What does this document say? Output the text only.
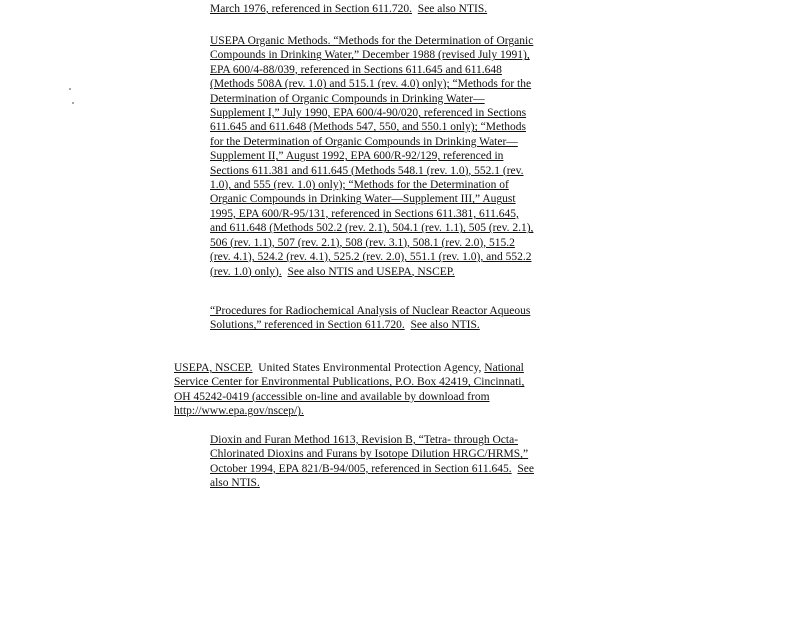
March 1976, referenced in Section 611.720. See also NTIS.

USEPA Organic Methods. “Methods for the Determination of Organic Compounds in Drinking Water,” December 1988 (revised July 1991), EPA 600/4-88/039, referenced in Sections 611.645 and 611.648 (Methods 508A (rev. 1.0) and 515.1 (rev. 4.0) only); “Methods for the Determination of Organic Compounds in Drinking Water—Supplement I,” July 1990, EPA 600/4-90/020, referenced in Sections 611.645 and 611.648 (Methods 547, 550, and 550.1 only); “Methods for the Determination of Organic Compounds in Drinking Water—Supplement II,” August 1992, EPA 600/R-92/129, referenced in Sections 611.381 and 611.645 (Methods 548.1 (rev. 1.0), 552.1 (rev. 1.0), and 555 (rev. 1.0) only); “Methods for the Determination of Organic Compounds in Drinking Water—Supplement III,” August 1995, EPA 600/R-95/131, referenced in Sections 611.381, 611.645, and 611.648 (Methods 502.2 (rev. 2.1), 504.1 (rev. 1.1), 505 (rev. 2.1), 506 (rev. 1.1), 507 (rev. 2.1), 508 (rev. 3.1), 508.1 (rev. 2.0), 515.2 (rev. 4.1), 524.2 (rev. 4.1), 525.2 (rev. 2.0), 551.1 (rev. 1.0), and 552.2 (rev. 1.0) only). See also NTIS and USEPA, NSCEP.

“Procedures for Radiochemical Analysis of Nuclear Reactor Aqueous Solutions,” referenced in Section 611.720. See also NTIS.

USEPA, NSCEP.  United States Environmental Protection Agency, National Service Center for Environmental Publications, P.O. Box 42419, Cincinnati, OH 45242-0419 (accessible on-line and available by download from http://www.epa.gov/nscep/).

Dioxin and Furan Method 1613, Revision B, “Tetra- through Octa-Chlorinated Dioxins and Furans by Isotope Dilution HRGC/HRMS,” October 1994, EPA 821/B-94/005, referenced in Section 611.645. See also NTIS.
